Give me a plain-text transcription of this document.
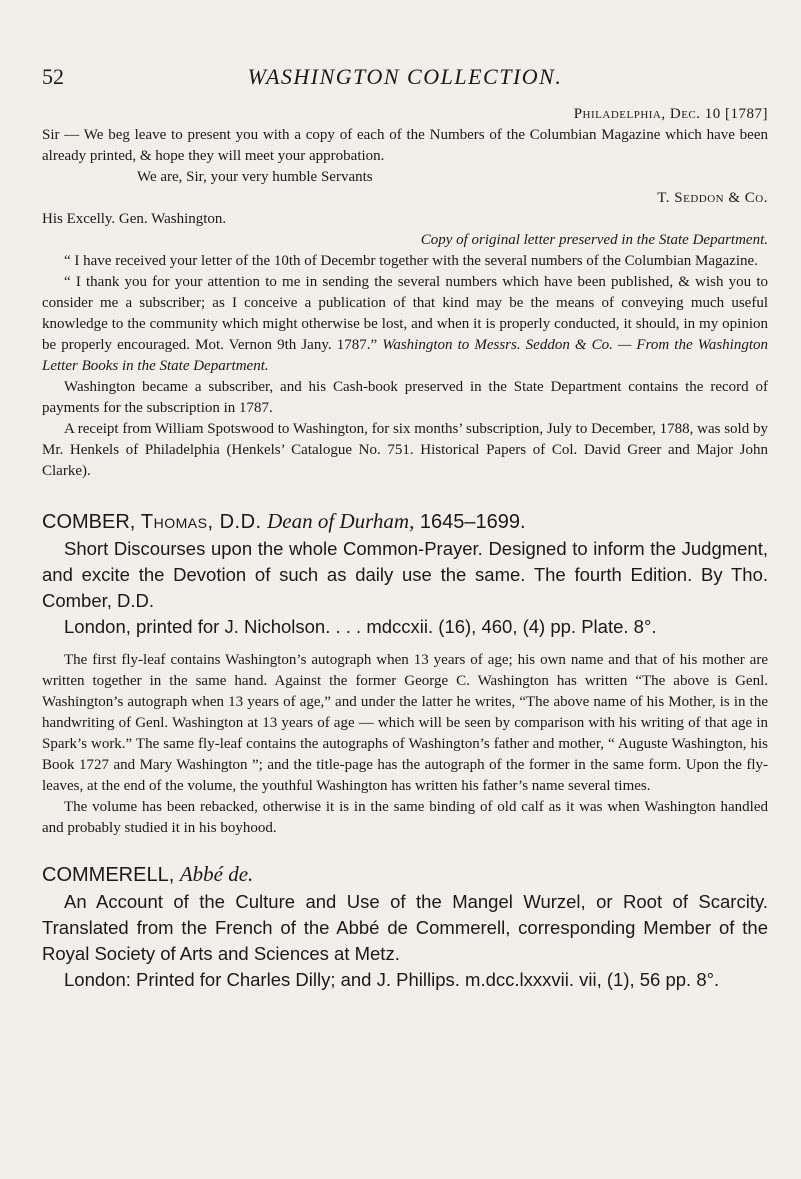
52	WASHINGTON COLLECTION.

Philadelphia, Dec. 10 [1787]

Sir — We beg leave to present you with a copy of each of the Numbers of the Columbian Magazine which have been already printed, & hope they will meet your approbation.

We are, Sir, your very humble Servants

T. Seddon & Co.

His Excelly. Gen. Washington.

Copy of original letter preserved in the State Department.

“ I have received your letter of the 10th of Decembr together with the several numbers of the Columbian Magazine.

“ I thank you for your attention to me in sending the several numbers which have been published, & wish you to consider me a subscriber; as I conceive a publication of that kind may be the means of conveying much useful knowledge to the community which might otherwise be lost, and when it is properly conducted, it should, in my opinion be properly encouraged. Mot. Vernon 9th Jany. 1787.” Washington to Messrs. Seddon & Co. — From the Washington Letter Books in the State Department.

Washington became a subscriber, and his Cash-book preserved in the State Department contains the record of payments for the subscription in 1787.

A receipt from William Spotswood to Washington, for six months’ subscription, July to December, 1788, was sold by Mr. Henkels of Philadelphia (Henkels’ Catalogue No. 751. Historical Papers of Col. David Greer and Major John Clarke).

COMBER, Thomas, D.D. Dean of Durham, 1645–1699.

Short Discourses upon the whole Common-Prayer. Designed to inform the Judgment, and excite the Devotion of such as daily use the same. The fourth Edition. By Tho. Comber, D.D.

London, printed for J. Nicholson. . . . mdccxii. (16), 460, (4) pp. Plate. 8°.

The first fly-leaf contains Washington’s autograph when 13 years of age; his own name and that of his mother are written together in the same hand. Against the former George C. Washington has written “The above is Genl. Washington’s autograph when 13 years of age,” and under the latter he writes, “The above name of his Mother, is in the handwriting of Genl. Washington at 13 years of age — which will be seen by comparison with his writing of that age in Spark’s work.” The same fly-leaf contains the autographs of Washington’s father and mother, “ Auguste Washington, his Book 1727 and Mary Washington ”; and the title-page has the autograph of the former in the same form. Upon the fly-leaves, at the end of the volume, the youthful Washington has written his father’s name several times.

The volume has been rebacked, otherwise it is in the same binding of old calf as it was when Washington handled and probably studied it in his boyhood.

COMMERELL, Abbé de.

An Account of the Culture and Use of the Mangel Wurzel, or Root of Scarcity. Translated from the French of the Abbé de Commerell, corresponding Member of the Royal Society of Arts and Sciences at Metz.

London: Printed for Charles Dilly; and J. Phillips. m.dcc.lxxxvii. vii, (1), 56 pp. 8°.
